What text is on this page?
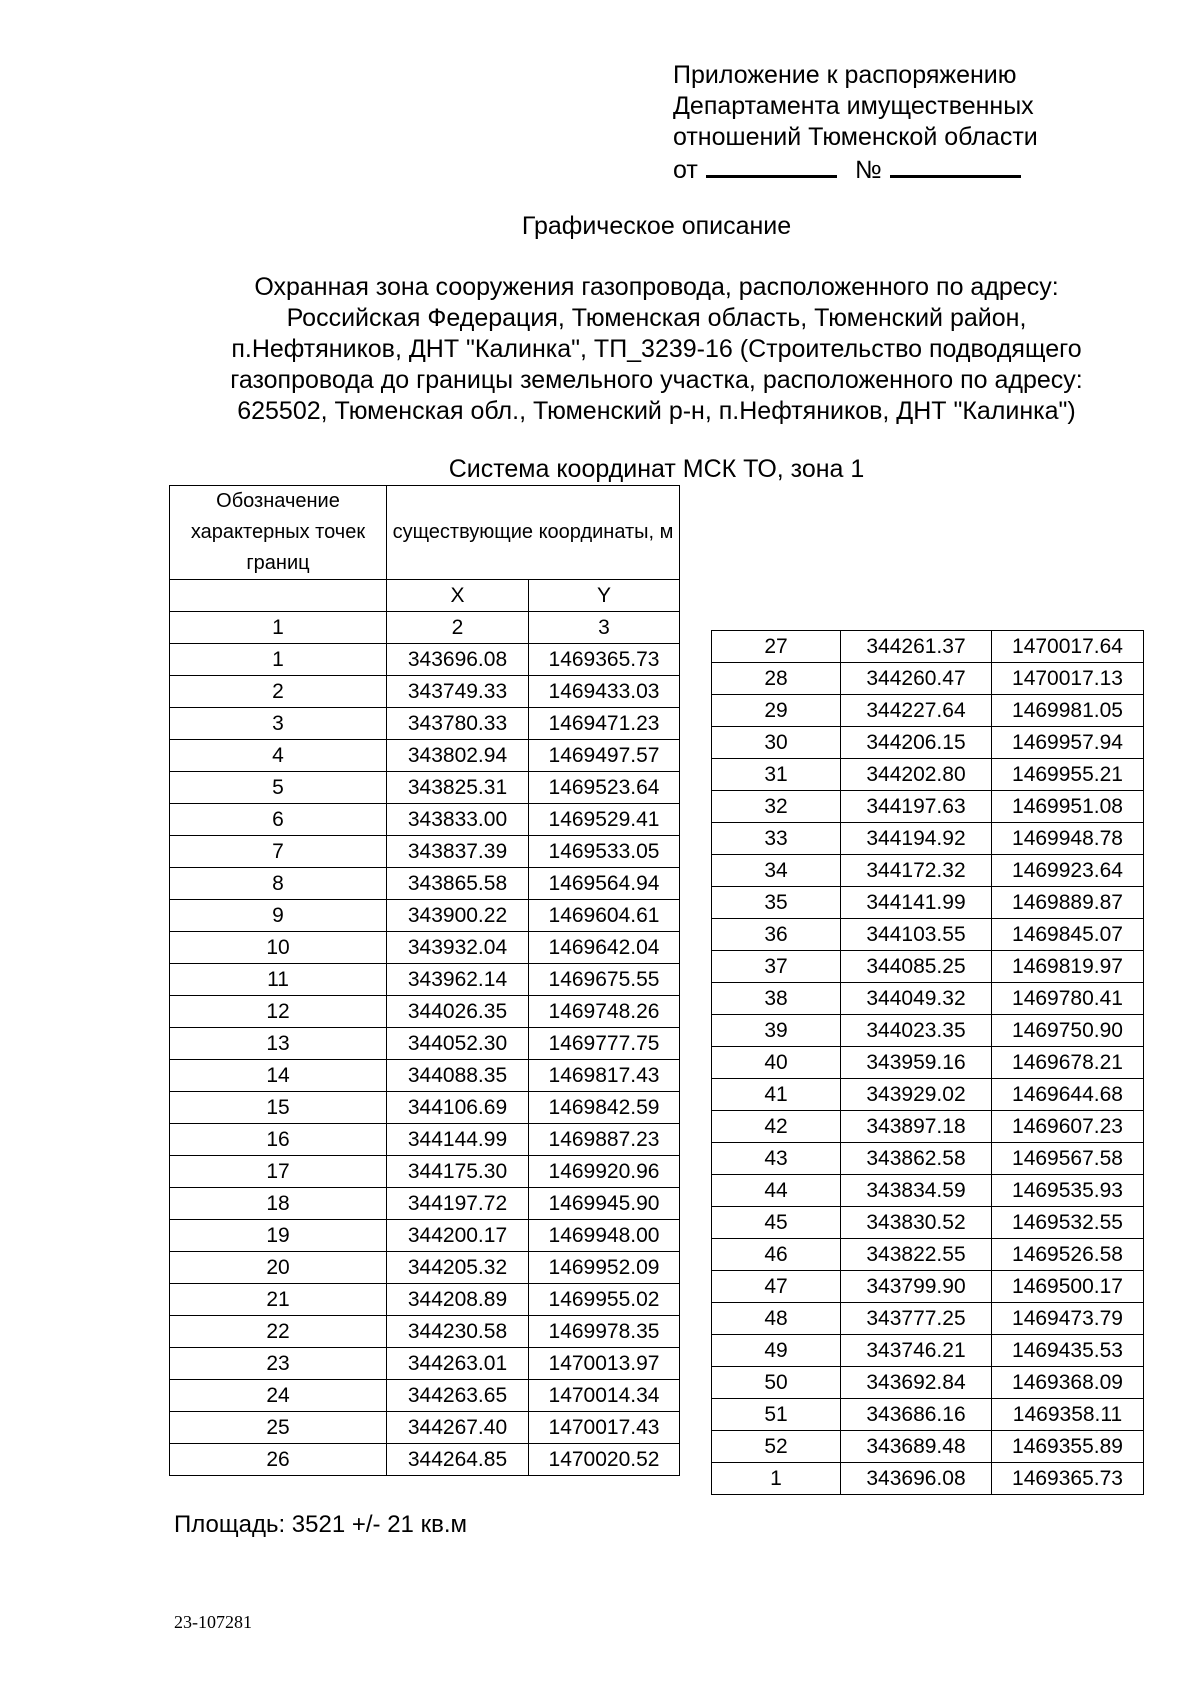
Приложение к распоряжению
Департамента имущественных
отношений Тюменской области
от	№
Графическое описание
Охранная зона сооружения газопровода, расположенного по адресу:
Российская Федерация, Тюменская область, Тюменский район,
п.Нефтяников, ДНТ "Калинка", ТП_3239-16 (Строительство подводящего
газопровода до границы земельного участка, расположенного по адресу:
625502, Тюменская обл., Тюменский р-н, п.Нефтяников, ДНТ "Калинка")
Система координат МСК ТО, зона 1
Обозначение характерных точек границ	существующие координаты, м	
	X	Y
1	2	3
1	343696.08	1469365.73
2	343749.33	1469433.03
3	343780.33	1469471.23
4	343802.94	1469497.57
5	343825.31	1469523.64
6	343833.00	1469529.41
7	343837.39	1469533.05
8	343865.58	1469564.94
9	343900.22	1469604.61
10	343932.04	1469642.04
11	343962.14	1469675.55
12	344026.35	1469748.26
13	344052.30	1469777.75
14	344088.35	1469817.43
15	344106.69	1469842.59
16	344144.99	1469887.23
17	344175.30	1469920.96
18	344197.72	1469945.90
19	344200.17	1469948.00
20	344205.32	1469952.09
21	344208.89	1469955.02
22	344230.58	1469978.35
23	344263.01	1470013.97
24	344263.65	1470014.34
25	344267.40	1470017.43
26	344264.85	1470020.52
27	344261.37	1470017.64
28	344260.47	1470017.13
29	344227.64	1469981.05
30	344206.15	1469957.94
31	344202.80	1469955.21
32	344197.63	1469951.08
33	344194.92	1469948.78
34	344172.32	1469923.64
35	344141.99	1469889.87
36	344103.55	1469845.07
37	344085.25	1469819.97
38	344049.32	1469780.41
39	344023.35	1469750.90
40	343959.16	1469678.21
41	343929.02	1469644.68
42	343897.18	1469607.23
43	343862.58	1469567.58
44	343834.59	1469535.93
45	343830.52	1469532.55
46	343822.55	1469526.58
47	343799.90	1469500.17
48	343777.25	1469473.79
49	343746.21	1469435.53
50	343692.84	1469368.09
51	343686.16	1469358.11
52	343689.48	1469355.89
1	343696.08	1469365.73
Площадь: 3521 +/- 21 кв.м
23-107281
